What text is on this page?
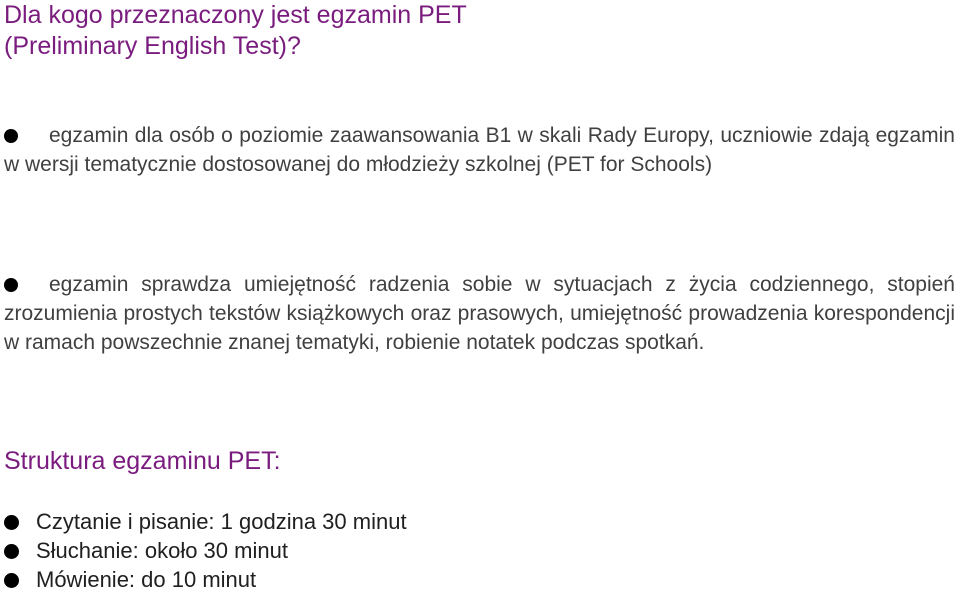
Dla kogo przeznaczony jest egzamin PET
(Preliminary English Test)?

egzamin dla osób o poziomie zaawansowania B1 w skali Rady Europy, uczniowie zdają egzamin w wersji tematycznie dostosowanej do młodzieży szkolnej (PET for Schools)

egzamin sprawdza umiejętność radzenia sobie w sytuacjach z życia codziennego, stopień zrozumienia prostych tekstów książkowych oraz prasowych, umiejętność prowadzenia korespondencji w ramach powszechnie znanej tematyki, robienie notatek podczas spotkań.

Struktura egzaminu PET:
Czytanie i pisanie: 1 godzina 30 minut
Słuchanie: około 30 minut
Mówienie: do 10 minut
